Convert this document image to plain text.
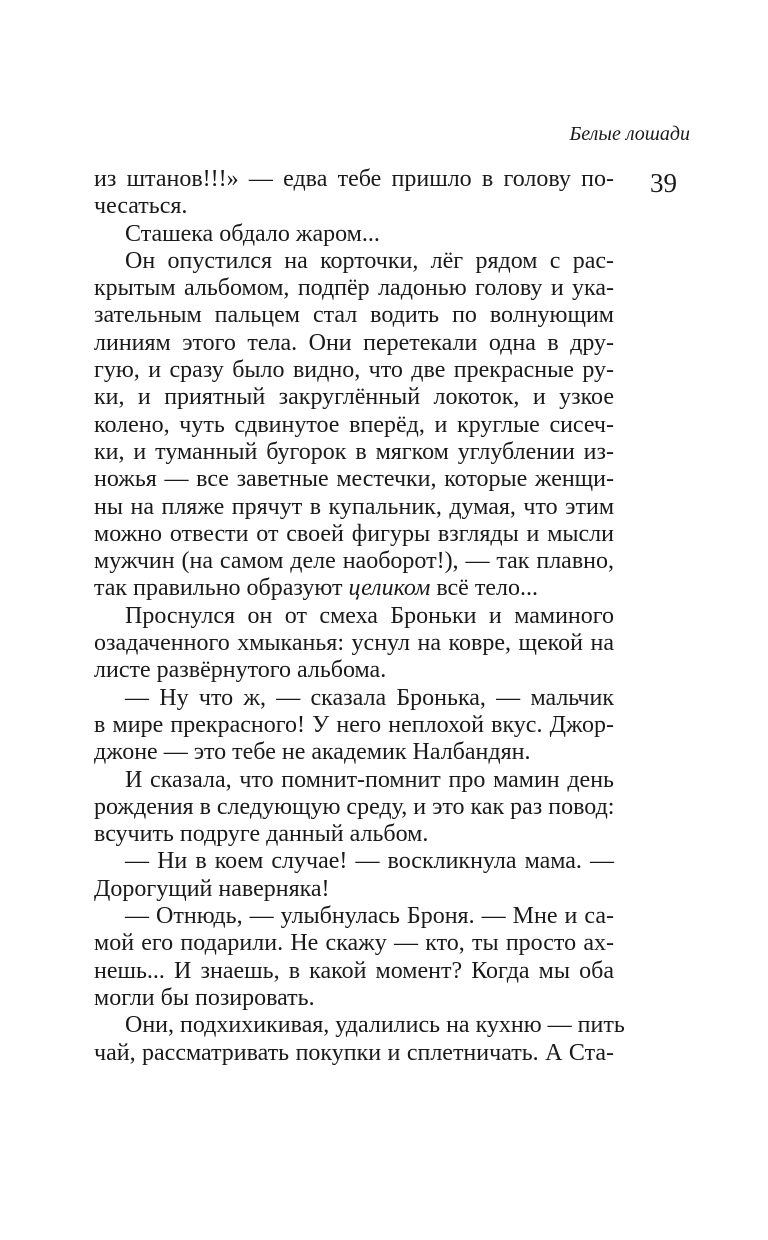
Белые лошади
39
из штанов!!!» — едва тебе пришло в голову по-
чесаться.
Сташека обдало жаром...
Он опустился на корточки, лёг рядом с рас-
крытым альбомом, подпёр ладонью голову и ука-
зательным пальцем стал водить по волнующим
линиям этого тела. Они перетекали одна в дру-
гую, и сразу было видно, что две прекрасные ру-
ки, и приятный закруглённый локоток, и узкое
колено, чуть сдвинутое вперёд, и круглые сисеч-
ки, и туманный бугорок в мягком углублении из-
ножья — все заветные местечки, которые женщи-
ны на пляже прячут в купальник, думая, что этим
можно отвести от своей фигуры взгляды и мысли
мужчин (на самом деле наоборот!), — так плавно,
так правильно образуют целиком всё тело...
Проснулся он от смеха Броньки и маминого
озадаченного хмыканья: уснул на ковре, щекой на
листе развёрнутого альбома.
— Ну что ж, — сказала Бронька, — мальчик
в мире прекрасного! У него неплохой вкус. Джор-
джоне — это тебе не академик Налбандян.
И сказала, что помнит-помнит про мамин день
рождения в следующую среду, и это как раз повод:
всучить подруге данный альбом.
— Ни в коем случае! — воскликнула мама. —
Дорогущий наверняка!
— Отнюдь, — улыбнулась Броня. — Мне и са-
мой его подарили. Не скажу — кто, ты просто ах-
нешь... И знаешь, в какой момент? Когда мы оба
могли бы позировать.
Они, подхихикивая, удалились на кухню — пить
чай, рассматривать покупки и сплетничать. А Ста-
